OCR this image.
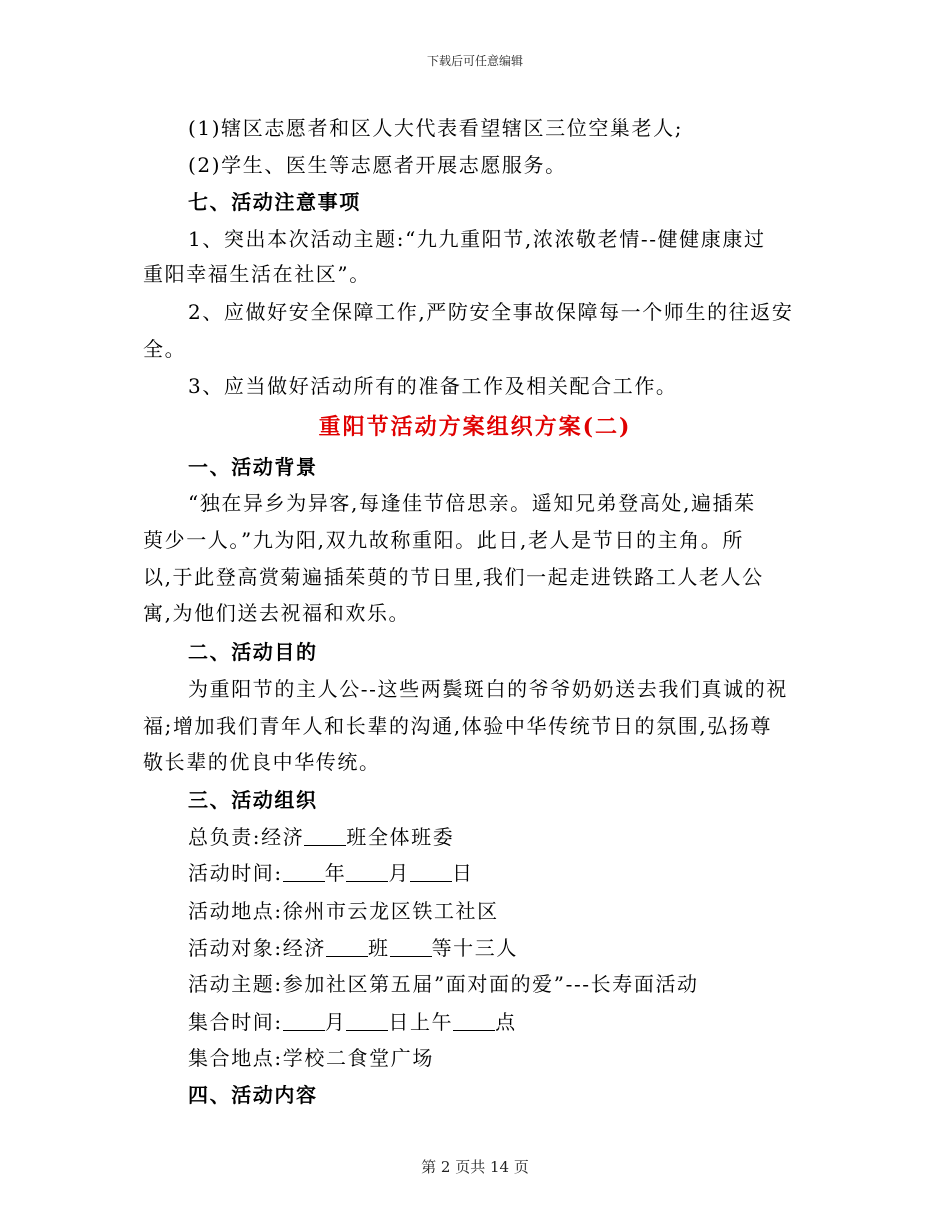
下载后可任意编辑
(1)辖区志愿者和区人大代表看望辖区三位空巢老人;
(2)学生、医生等志愿者开展志愿服务。
七、活动注意事项
1、突出本次活动主题:“九九重阳节,浓浓敬老情--健健康康过
重阳幸福生活在社区”。
2、应做好安全保障工作,严防安全事故保障每一个师生的往返安
全。
3、应当做好活动所有的准备工作及相关配合工作。
重阳节活动方案组织方案(二)
一、活动背景
“独在异乡为异客,每逢佳节倍思亲。遥知兄弟登高处,遍插茱
萸少一人。”九为阳,双九故称重阳。此日,老人是节日的主角。所
以,于此登高赏菊遍插茱萸的节日里,我们一起走进铁路工人老人公
寓,为他们送去祝福和欢乐。
二、活动目的
为重阳节的主人公--这些两鬓斑白的爷爷奶奶送去我们真诚的祝
福;增加我们青年人和长辈的沟通,体验中华传统节日的氛围,弘扬尊
敬长辈的优良中华传统。
三、活动组织
总负责:经济 班全体班委
活动时间: 年 月 日
活动地点:徐州市云龙区铁工社区
活动对象:经济 班 等十三人
活动主题:参加社区第五届”面对面的爱”---长寿面活动
集合时间: 月 日上午 点
集合地点:学校二食堂广场
四、活动内容
第 2 页共 14 页
